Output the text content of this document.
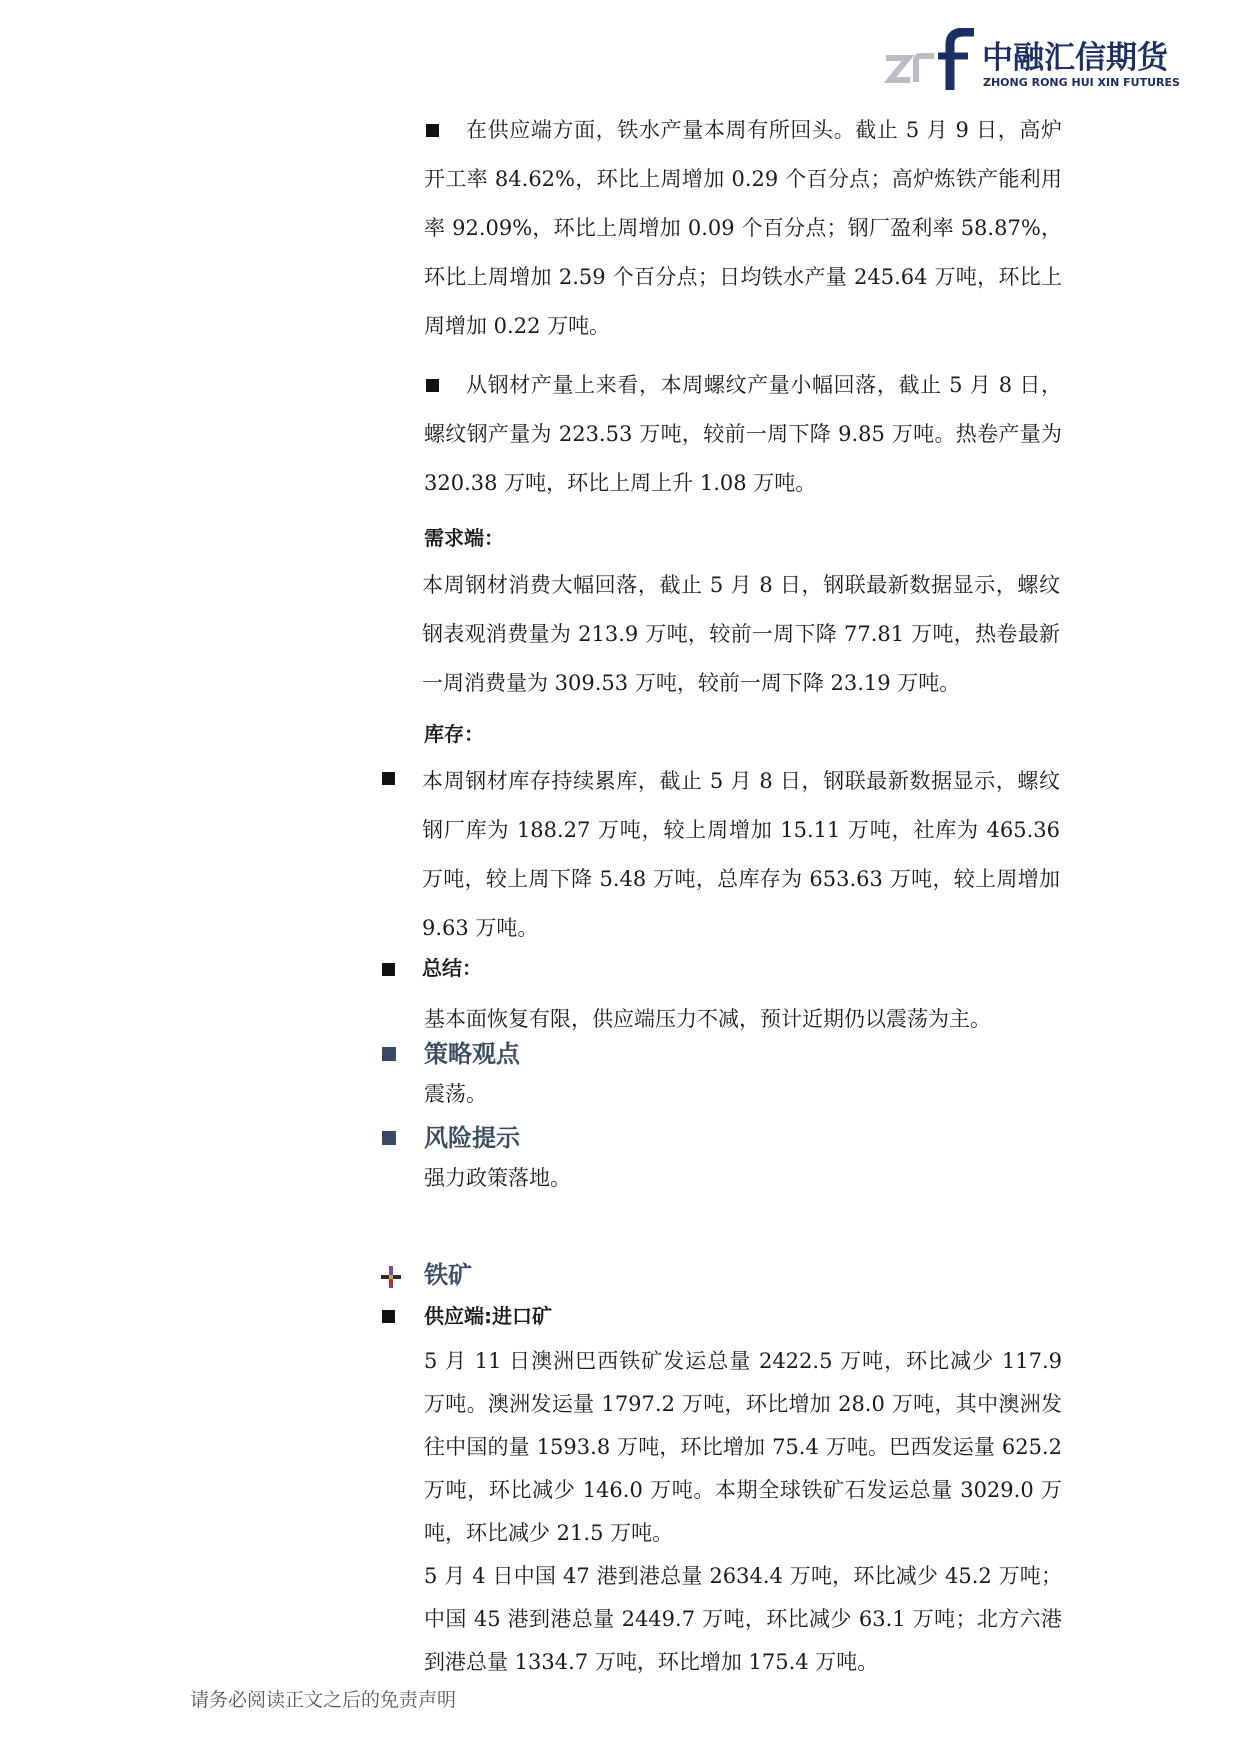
中融汇信期货
ZHONG RONG HUI XIN FUTURES

在供应端方面，铁水产量本周有所回头。截止 5 月 9 日，高炉开工率 84.62%，环比上周增加 0.29 个百分点；高炉炼铁产能利用率 92.09%，环比上周增加 0.09 个百分点；钢厂盈利率 58.87%，环比上周增加 2.59 个百分点；日均铁水产量 245.64 万吨，环比上周增加 0.22 万吨。

从钢材产量上来看，本周螺纹产量小幅回落，截止 5 月 8 日，螺纹钢产量为 223.53 万吨，较前一周下降 9.85 万吨。热卷产量为 320.38 万吨，环比上周上升 1.08 万吨。

需求端：

本周钢材消费大幅回落，截止 5 月 8 日，钢联最新数据显示，螺纹钢表观消费量为 213.9 万吨，较前一周下降 77.81 万吨，热卷最新一周消费量为 309.53 万吨，较前一周下降 23.19 万吨。

库存：

本周钢材库存持续累库，截止 5 月 8 日，钢联最新数据显示，螺纹钢厂库为 188.27 万吨，较上周增加 15.11 万吨，社库为 465.36 万吨，较上周下降 5.48 万吨，总库存为 653.63 万吨，较上周增加 9.63 万吨。

总结：

基本面恢复有限，供应端压力不减，预计近期仍以震荡为主。

策略观点

震荡。

风险提示

强力政策落地。

铁矿
供应端:进口矿

5 月 11 日澳洲巴西铁矿发运总量 2422.5 万吨，环比减少 117.9 万吨。澳洲发运量 1797.2 万吨，环比增加 28.0 万吨，其中澳洲发往中国的量 1593.8 万吨，环比增加 75.4 万吨。巴西发运量 625.2 万吨，环比减少 146.0 万吨。本期全球铁矿石发运总量 3029.0 万吨，环比减少 21.5 万吨。

5 月 4 日中国 47 港到港总量 2634.4 万吨，环比减少 45.2 万吨；中国 45 港到港总量 2449.7 万吨，环比减少 63.1 万吨；北方六港到港总量 1334.7 万吨，环比增加 175.4 万吨。

请务必阅读正文之后的免责声明
